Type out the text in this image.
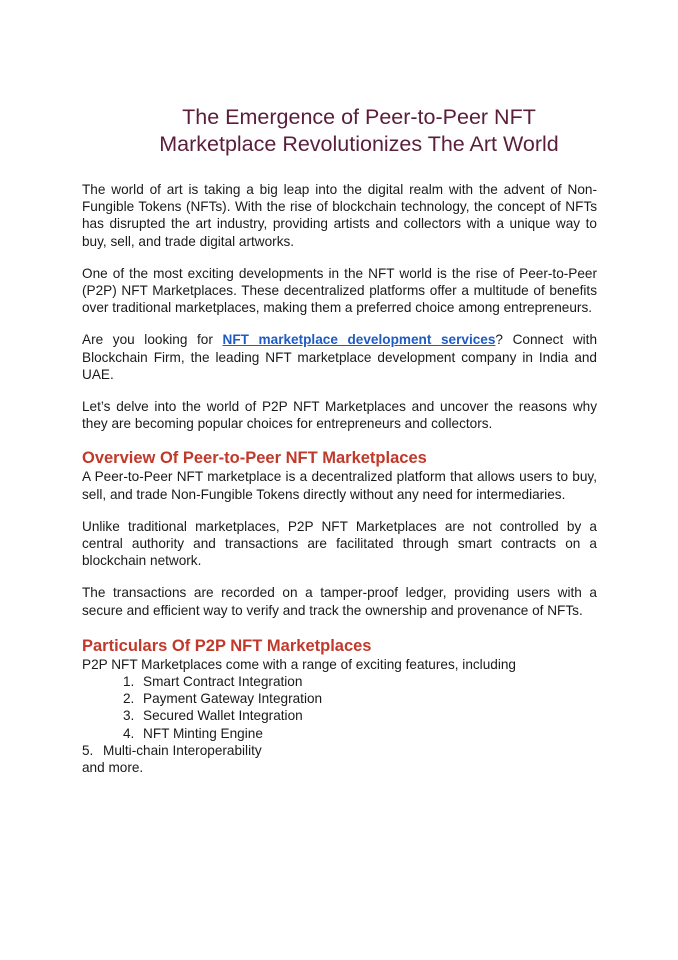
The Emergence of Peer-to-Peer NFT
Marketplace Revolutionizes The Art World

The world of art is taking a big leap into the digital realm with the advent of Non-Fungible Tokens (NFTs). With the rise of blockchain technology, the concept of NFTs has disrupted the art industry, providing artists and collectors with a unique way to buy, sell, and trade digital artworks.

One of the most exciting developments in the NFT world is the rise of Peer-to-Peer (P2P) NFT Marketplaces. These decentralized platforms offer a multitude of benefits over traditional marketplaces, making them a preferred choice among entrepreneurs.

Are you looking for NFT marketplace development services? Connect with Blockchain Firm, the leading NFT marketplace development company in India and UAE.

Let’s delve into the world of P2P NFT Marketplaces and uncover the reasons why they are becoming popular choices for entrepreneurs and collectors.

Overview Of Peer-to-Peer NFT Marketplaces

A Peer-to-Peer NFT marketplace is a decentralized platform that allows users to buy, sell, and trade Non-Fungible Tokens directly without any need for intermediaries.

Unlike traditional marketplaces, P2P NFT Marketplaces are not controlled by a central authority and transactions are facilitated through smart contracts on a blockchain network.

The transactions are recorded on a tamper-proof ledger, providing users with a secure and efficient way to verify and track the ownership and provenance of NFTs.

Particulars Of P2P NFT Marketplaces

P2P NFT Marketplaces come with a range of exciting features, including

1. Smart Contract Integration
2. Payment Gateway Integration
3. Secured Wallet Integration
4. NFT Minting Engine

5. Multi-chain Interoperability

and more.
